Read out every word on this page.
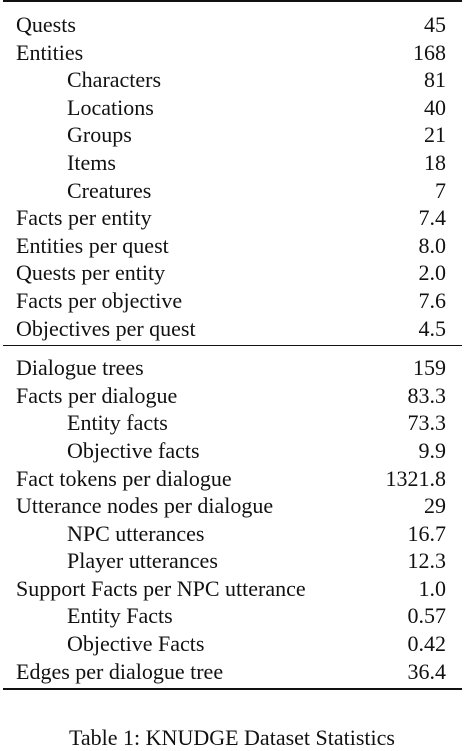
Quests	45
Entities	168
Characters	81
Locations	40
Groups	21
Items	18
Creatures	7
Facts per entity	7.4
Entities per quest	8.0
Quests per entity	2.0
Facts per objective	7.6
Objectives per quest	4.5
Dialogue trees	159
Facts per dialogue	83.3
Entity facts	73.3
Objective facts	9.9
Fact tokens per dialogue	1321.8
Utterance nodes per dialogue	29
NPC utterances	16.7
Player utterances	12.3
Support Facts per NPC utterance	1.0
Entity Facts	0.57
Objective Facts	0.42
Edges per dialogue tree	36.4
Table 1: KNUDGE Dataset Statistics
